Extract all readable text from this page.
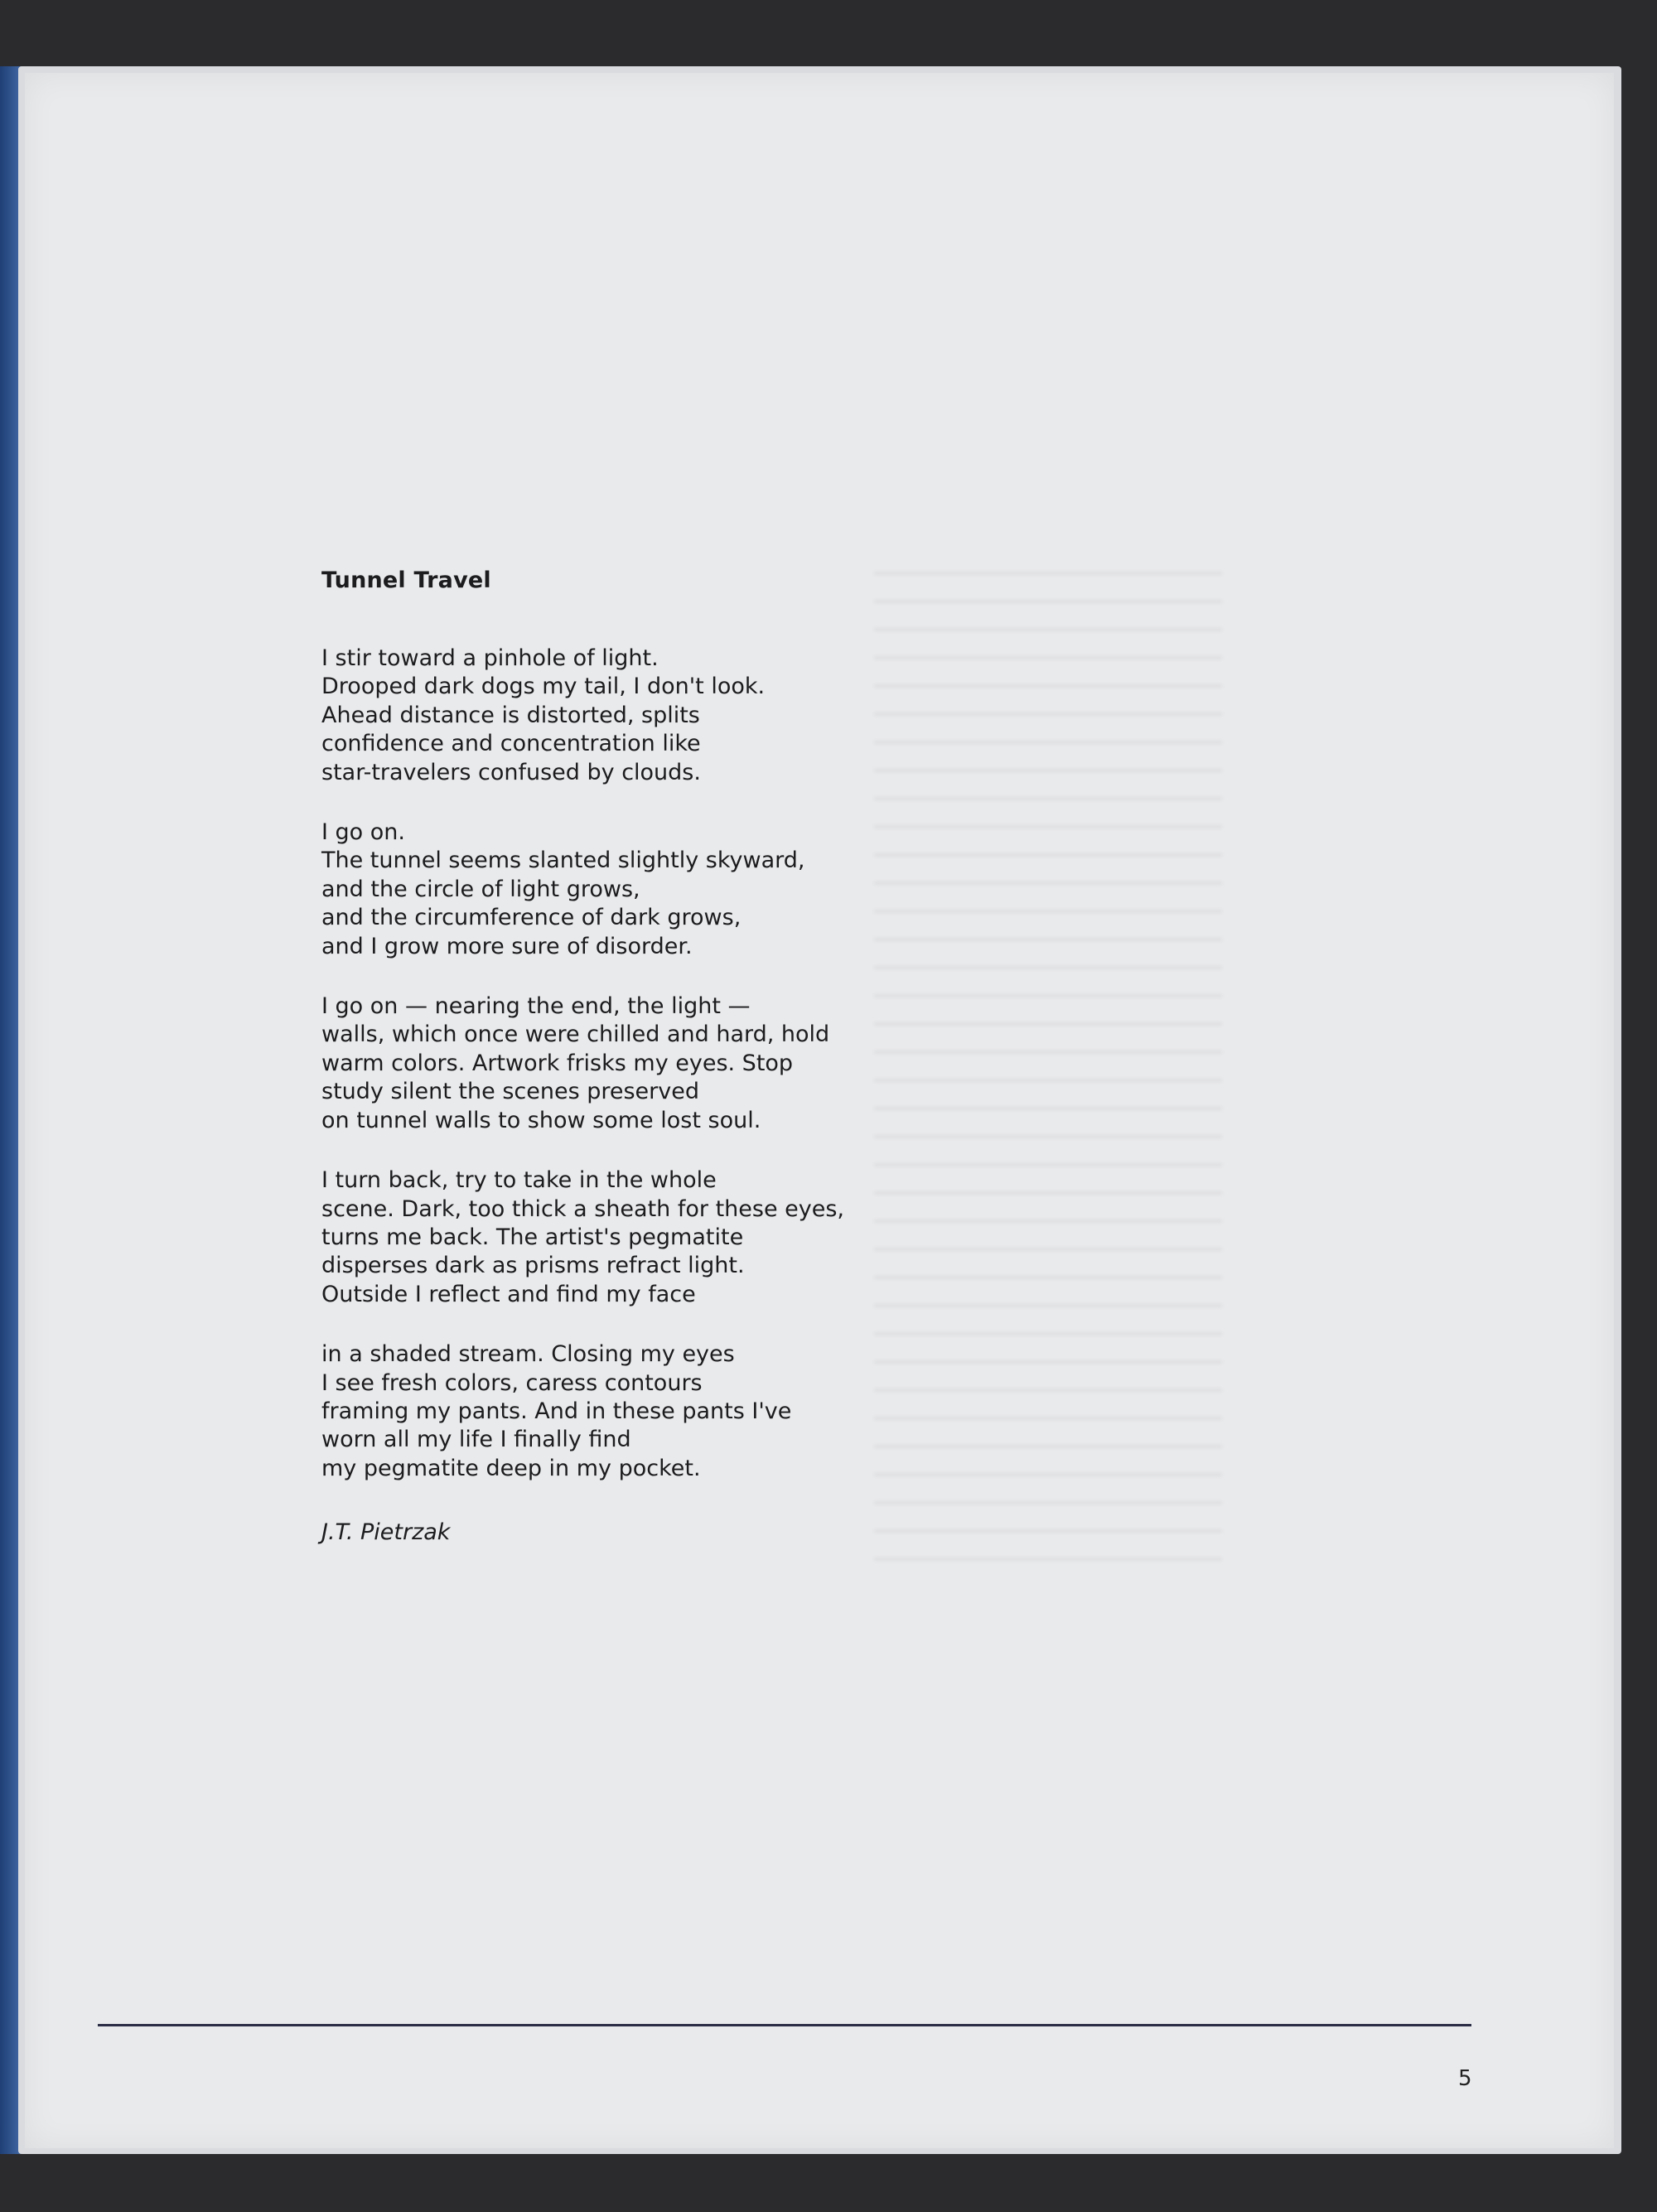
Tunnel Travel
I stir toward a pinhole of light.
Drooped dark dogs my tail, I don't look.
Ahead distance is distorted, splits
confidence and concentration like
star-travelers confused by clouds.
I go on.
The tunnel seems slanted slightly skyward,
and the circle of light grows,
and the circumference of dark grows,
and I grow more sure of disorder.
I go on — nearing the end, the light —
walls, which once were chilled and hard, hold
warm colors. Artwork frisks my eyes. Stop
study silent the scenes preserved
on tunnel walls to show some lost soul.
I turn back, try to take in the whole
scene. Dark, too thick a sheath for these eyes,
turns me back. The artist's pegmatite
disperses dark as prisms refract light.
Outside I reflect and find my face
in a shaded stream. Closing my eyes
I see fresh colors, caress contours
framing my pants. And in these pants I've
worn all my life I finally find
my pegmatite deep in my pocket.
J.T. Pietrzak
5
